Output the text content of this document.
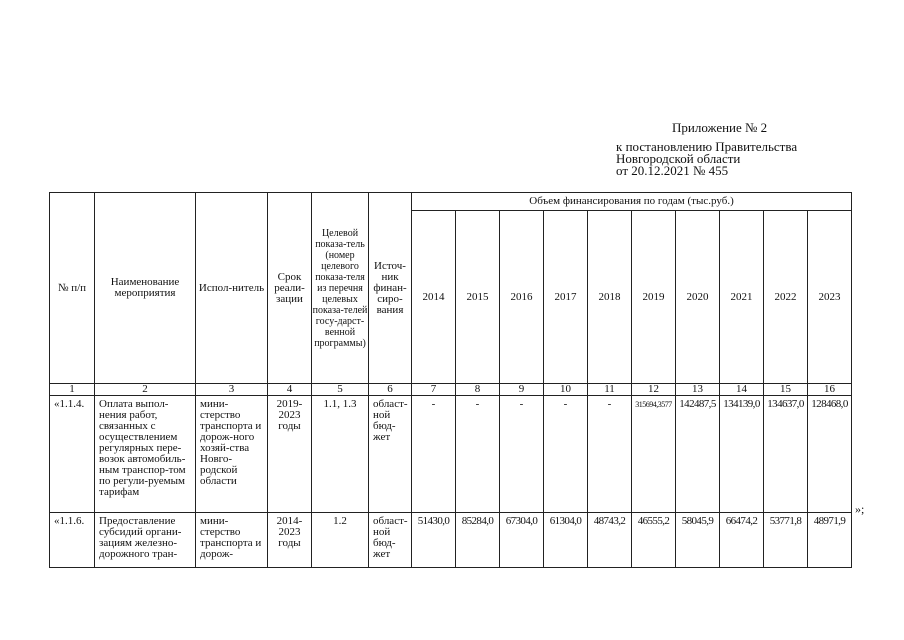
Приложение № 2
к постановлению Правительства
Новгородской области
от 20.12.2021 № 455
№ п/п	Наименование мероприятия	Испол-нитель	Срок реали-зации	Целевой показа-тель (номер целевого показа-теля из перечня целевых показа-телей госу-дарст-венной программы)	Источ-ник финан-сиро-вания	Объем финансирования по годам (тыс.руб.)									
						2014	2015	2016	2017	2018	2019	2020	2021	2022	2023
1	2	3	4	5	6	7	8	9	10	11	12	13	14	15	16
«1.1.4.	Оплата выпол-нения работ, связанных с осуществлением регулярных пере-возок автомобиль-ным транспор-том по регули-руемым тарифам	мини-стерство транспорта и дорож-ного хозяй-ства Новго-родской области	2019-2023 годы	1.1, 1.3	област-ной бюд-жет	-	-	-	-	-	315694,3577	142487,5	134139,0	134637,0	128468,0
«1.1.6.	Предоставление субсидий органи-зациям железно-дорожного тран-	мини-стерство транспорта и дорож-	2014-2023 годы	1.2	област-ной бюд-жет	51430,0	85284,0	67304,0	61304,0	48743,2	46555,2	58045,9	66474,2	53771,8	48971,9
»;
